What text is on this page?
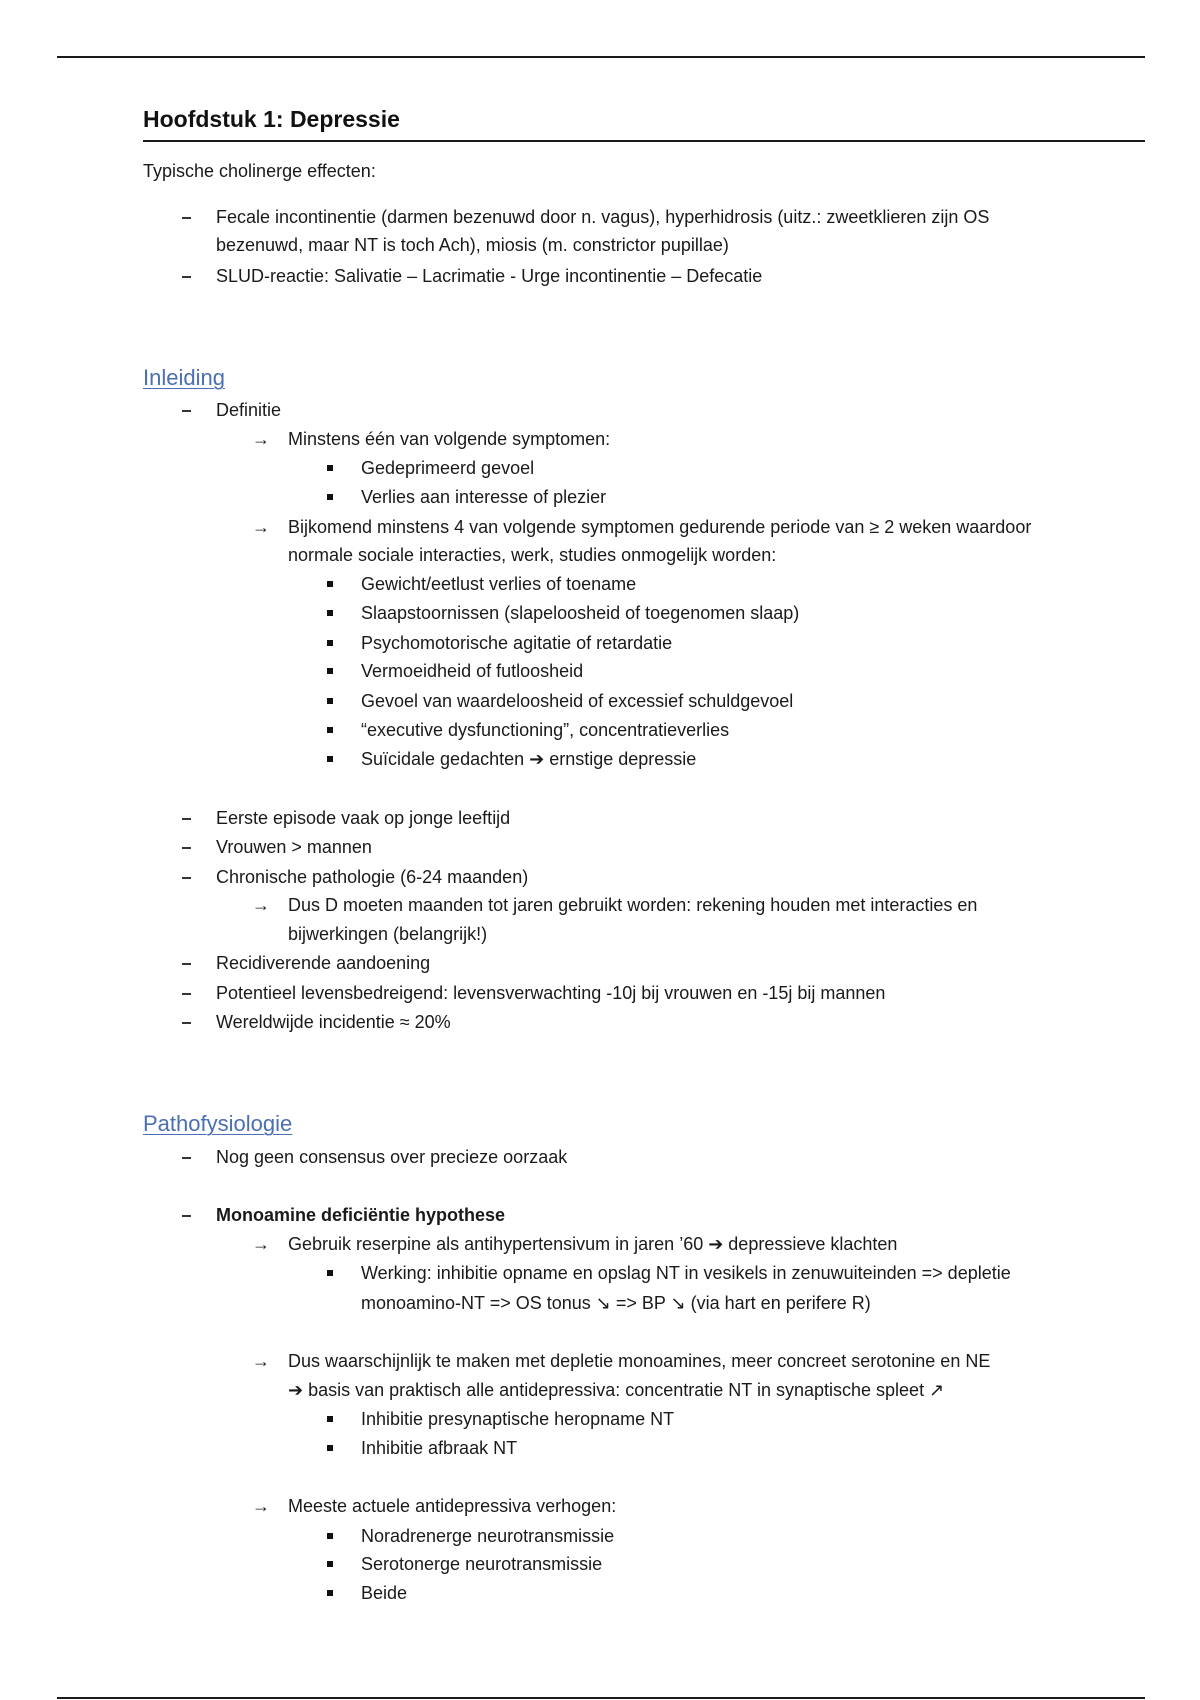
Hoofdstuk 1: Depressie
Typische cholinerge effecten:
Fecale incontinentie (darmen bezenuwd door n. vagus), hyperhidrosis (uitz.: zweetklieren zijn OS
bezenuwd, maar NT is toch Ach), miosis (m. constrictor pupillae)
SLUD-reactie: Salivatie – Lacrimatie - Urge incontinentie – Defecatie
Inleiding
Definitie
→ Minstens één van volgende symptomen:
Gedeprimeerd gevoel
Verlies aan interesse of plezier
→ Bijkomend minstens 4 van volgende symptomen gedurende periode van ≥ 2 weken waardoor
normale sociale interacties, werk, studies onmogelijk worden:
Gewicht/eetlust verlies of toename
Slaapstoornissen (slapeloosheid of toegenomen slaap)
Psychomotorische agitatie of retardatie
Vermoeidheid of futloosheid
Gevoel van waardeloosheid of excessief schuldgevoel
“executive dysfunctioning”, concentratieverlies
Suïcidale gedachten ➔ ernstige depressie
Eerste episode vaak op jonge leeftijd
Vrouwen > mannen
Chronische pathologie (6-24 maanden)
→ Dus D moeten maanden tot jaren gebruikt worden: rekening houden met interacties en
bijwerkingen (belangrijk!)
Recidiverende aandoening
Potentieel levensbedreigend: levensverwachting -10j bij vrouwen en -15j bij mannen
Wereldwijde incidentie ≈ 20%
Pathofysiologie
Nog geen consensus over precieze oorzaak
Monoamine deficiëntie hypothese
→ Gebruik reserpine als antihypertensivum in jaren ’60 ➔ depressieve klachten
Werking: inhibitie opname en opslag NT in vesikels in zenuwuiteinden => depletie
monoamino-NT => OS tonus ↘ => BP ↘ (via hart en perifere R)
→ Dus waarschijnlijk te maken met depletie monoamines, meer concreet serotonine en NE
➔ basis van praktisch alle antidepressiva: concentratie NT in synaptische spleet ↗
Inhibitie presynaptische heropname NT
Inhibitie afbraak NT
→ Meeste actuele antidepressiva verhogen:
Noradrenerge neurotransmissie
Serotonerge neurotransmissie
Beide
